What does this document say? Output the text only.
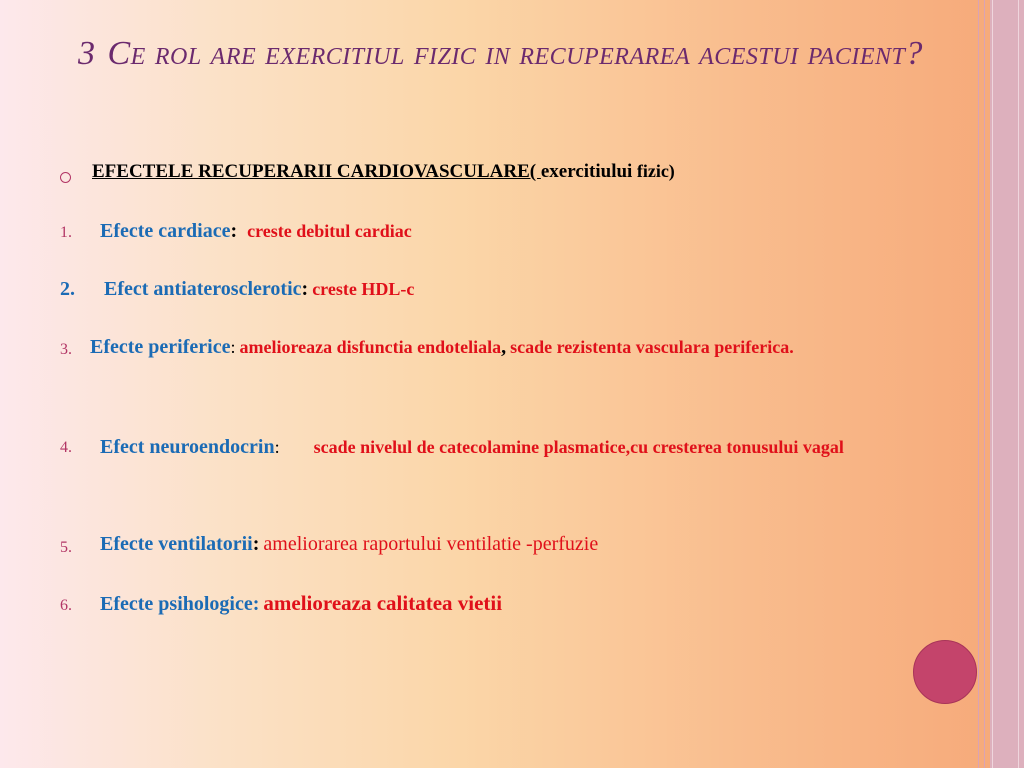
3 Ce rol are exercitiul fizic in recuperarea acestui pacient?
EFECTELE RECUPERARII CARDIOVASCULARE( exercitiului fizic)
1. Efecte cardiace: creste debitul cardiac
2. Efect antiaterosclerotic: creste HDL-c
3. Efecte periferice: amelioreaza disfunctia endoteliala, scade rezistenta vasculara periferica.
4. Efect neuroendocrin: scade nivelul de catecolamine plasmatice,cu cresterea tonusului vagal
5. Efecte ventilatorii: ameliorarea raportului ventilatie -perfuzie
6. Efecte psihologice: amelioreaza calitatea vietii
